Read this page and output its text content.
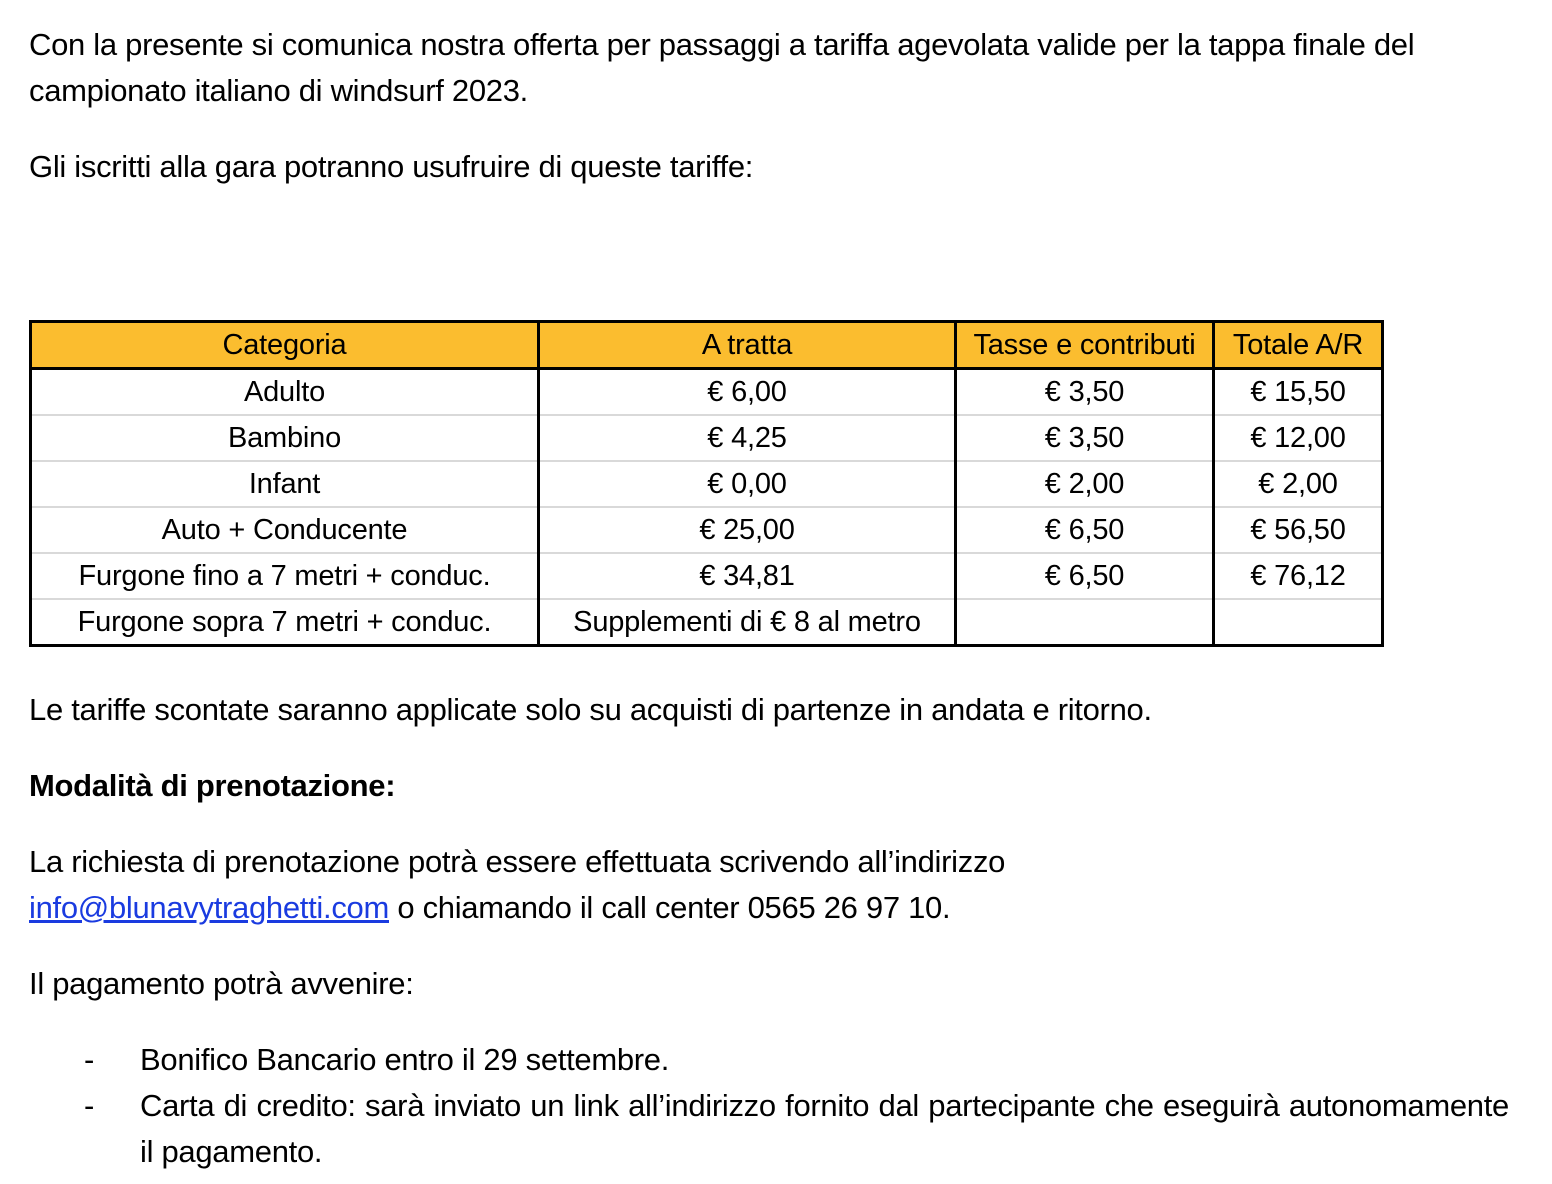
Con la presente si comunica nostra offerta per passaggi a tariffa agevolata valide per la tappa finale del campionato italiano di windsurf 2023.

Gli iscritti alla gara potranno usufruire di queste tariffe:

Categoria	A tratta	Tasse e contributi	Totale A/R
Adulto	€ 6,00	€ 3,50	€ 15,50
Bambino	€ 4,25	€ 3,50	€ 12,00
Infant	€ 0,00	€ 2,00	€ 2,00
Auto + Conducente	€ 25,00	€ 6,50	€ 56,50
Furgone fino a 7 metri + conduc.	€ 34,81	€ 6,50	€ 76,12
Furgone sopra 7 metri + conduc.	Supplementi di € 8 al metro		

Le tariffe scontate saranno applicate solo su acquisti di partenze in andata e ritorno.

Modalità di prenotazione:

La richiesta di prenotazione potrà essere effettuata scrivendo all’indirizzo
info@blunavytraghetti.com o chiamando il call center 0565 26 97 10.

Il pagamento potrà avvenire:

- Bonifico Bancario entro il 29 settembre.
- Carta di credito: sarà inviato un link all’indirizzo fornito dal partecipante che eseguirà autonomamente il pagamento.
